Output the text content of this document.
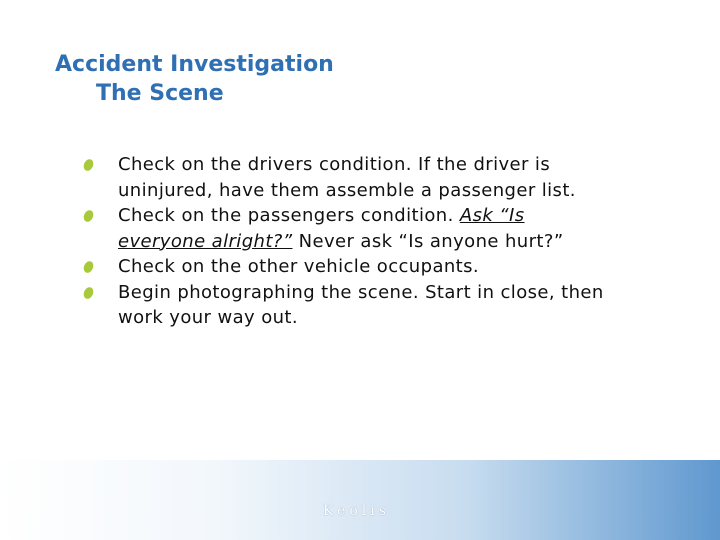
Accident Investigation
The Scene
Check on the drivers condition. If the driver is uninjured, have them assemble a passenger list.
Check on the passengers condition. Ask “Is everyone alright?” Never ask “Is anyone hurt?”
Check on the other vehicle occupants.
Begin photographing the scene. Start in close, then work your way out.
Keolis
